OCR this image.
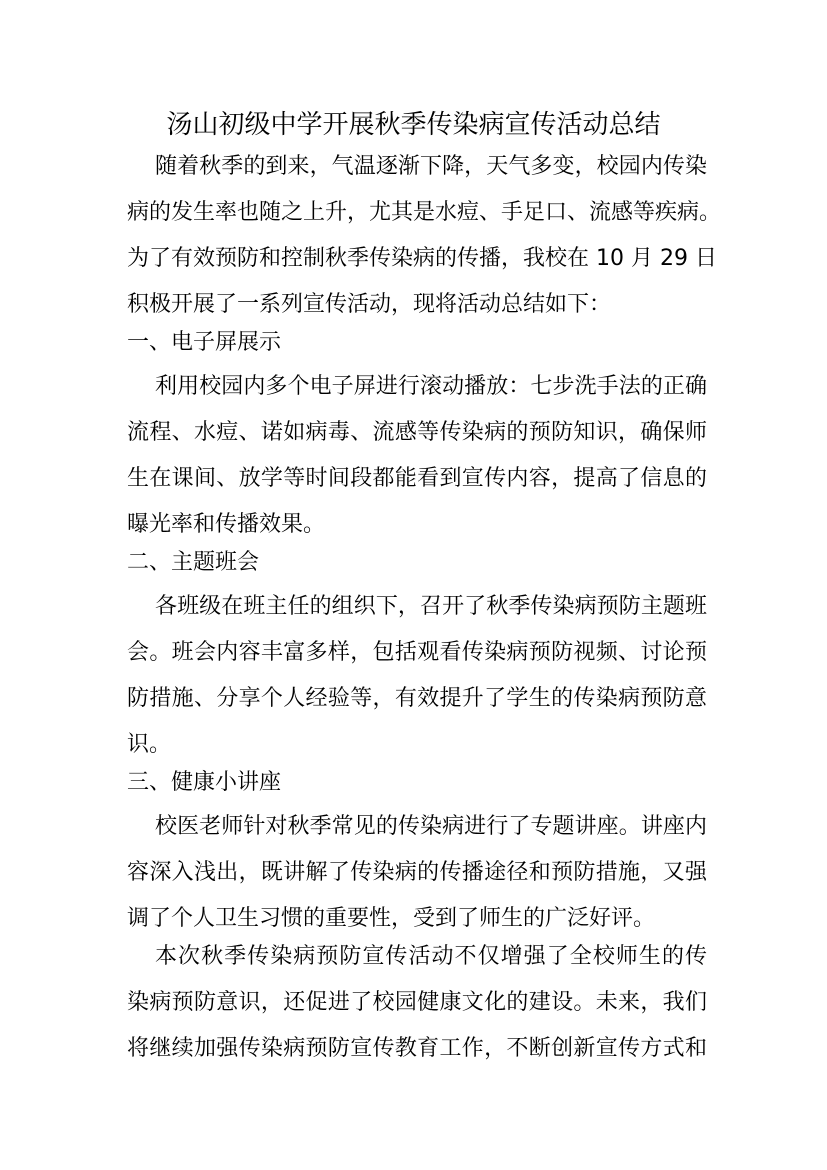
汤山初级中学开展秋季传染病宣传活动总结
随着秋季的到来，气温逐渐下降，天气多变，校园内传染
病的发生率也随之上升，尤其是水痘、手足口、流感等疾病。
为了有效预防和控制秋季传染病的传播，我校在 10 月 29 日
积极开展了一系列宣传活动，现将活动总结如下：
一、电子屏展示
利用校园内多个电子屏进行滚动播放：七步洗手法的正确
流程、水痘、诺如病毒、流感等传染病的预防知识，确保师
生在课间、放学等时间段都能看到宣传内容，提高了信息的
曝光率和传播效果。
二、主题班会
各班级在班主任的组织下，召开了秋季传染病预防主题班
会。班会内容丰富多样，包括观看传染病预防视频、讨论预
防措施、分享个人经验等，有效提升了学生的传染病预防意
识。
三、健康小讲座
校医老师针对秋季常见的传染病进行了专题讲座。讲座内
容深入浅出，既讲解了传染病的传播途径和预防措施，又强
调了个人卫生习惯的重要性，受到了师生的广泛好评。
本次秋季传染病预防宣传活动不仅增强了全校师生的传
染病预防意识，还促进了校园健康文化的建设。未来，我们
将继续加强传染病预防宣传教育工作，不断创新宣传方式和
